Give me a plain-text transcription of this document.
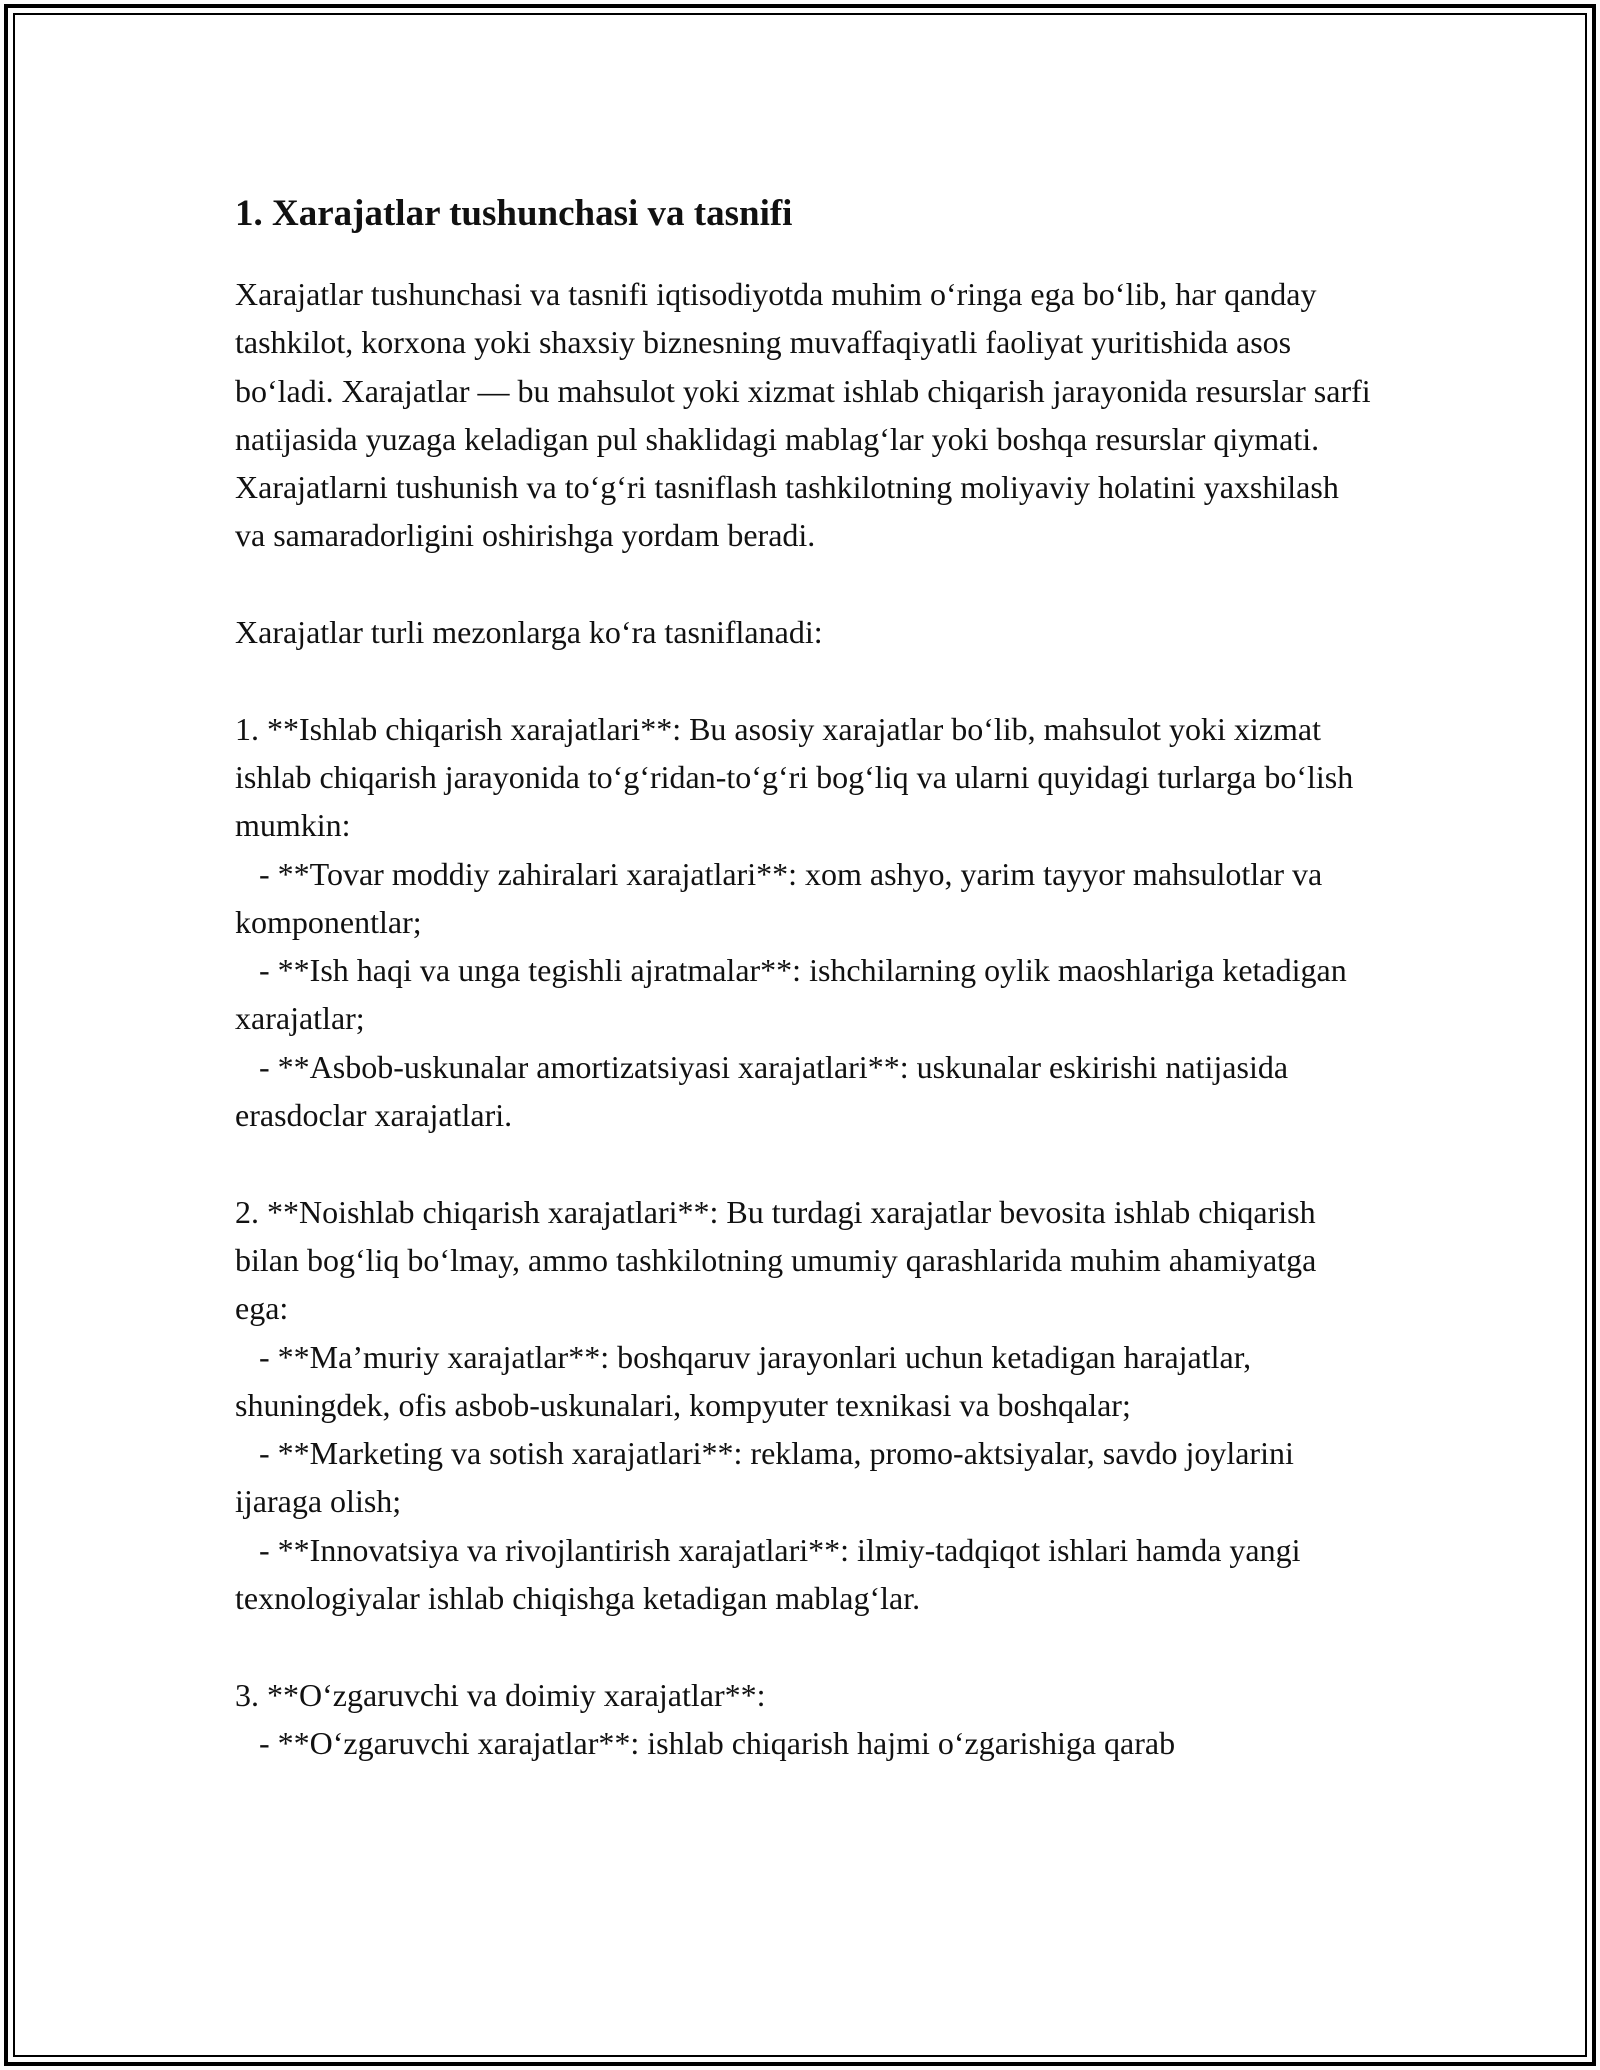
1. Xarajatlar tushunchasi va tasnifi

Xarajatlar tushunchasi va tasnifi iqtisodiyotda muhim o‘ringa ega bo‘lib, har qanday tashkilot, korxona yoki shaxsiy biznesning muvaffaqiyatli faoliyat yuritishida asos bo‘ladi. Xarajatlar — bu mahsulot yoki xizmat ishlab chiqarish jarayonida resurslar sarfi natijasida yuzaga keladigan pul shaklidagi mablag‘lar yoki boshqa resurslar qiymati. Xarajatlarni tushunish va to‘g‘ri tasniflash tashkilotning moliyaviy holatini yaxshilash va samaradorligini oshirishga yordam beradi.

Xarajatlar turli mezonlarga ko‘ra tasniflanadi:

1. **Ishlab chiqarish xarajatlari**: Bu asosiy xarajatlar bo‘lib, mahsulot yoki xizmat ishlab chiqarish jarayonida to‘g‘ridan-to‘g‘ri bog‘liq va ularni quyidagi turlarga bo‘lish mumkin:

- **Tovar moddiy zahiralari xarajatlari**: xom ashyo, yarim tayyor mahsulotlar va komponentlar;

- **Ish haqi va unga tegishli ajratmalar**: ishchilarning oylik maoshlariga ketadigan xarajatlar;

- **Asbob-uskunalar amortizatsiyasi xarajatlari**: uskunalar eskirishi natijasida erasdoclar xarajatlari.

2. **Noishlab chiqarish xarajatlari**: Bu turdagi xarajatlar bevosita ishlab chiqarish bilan bog‘liq bo‘lmay, ammo tashkilotning umumiy qarashlarida muhim ahamiyatga ega:

- **Ma’muriy xarajatlar**: boshqaruv jarayonlari uchun ketadigan harajatlar, shuningdek, ofis asbob-uskunalari, kompyuter texnikasi va boshqalar;

- **Marketing va sotish xarajatlari**: reklama, promo-aktsiyalar, savdo joylarini ijaraga olish;

- **Innovatsiya va rivojlantirish xarajatlari**: ilmiy-tadqiqot ishlari hamda yangi texnologiyalar ishlab chiqishga ketadigan mablag‘lar.

3. **O‘zgaruvchi va doimiy xarajatlar**:

- **O‘zgaruvchi xarajatlar**: ishlab chiqarish hajmi o‘zgarishiga qarab
